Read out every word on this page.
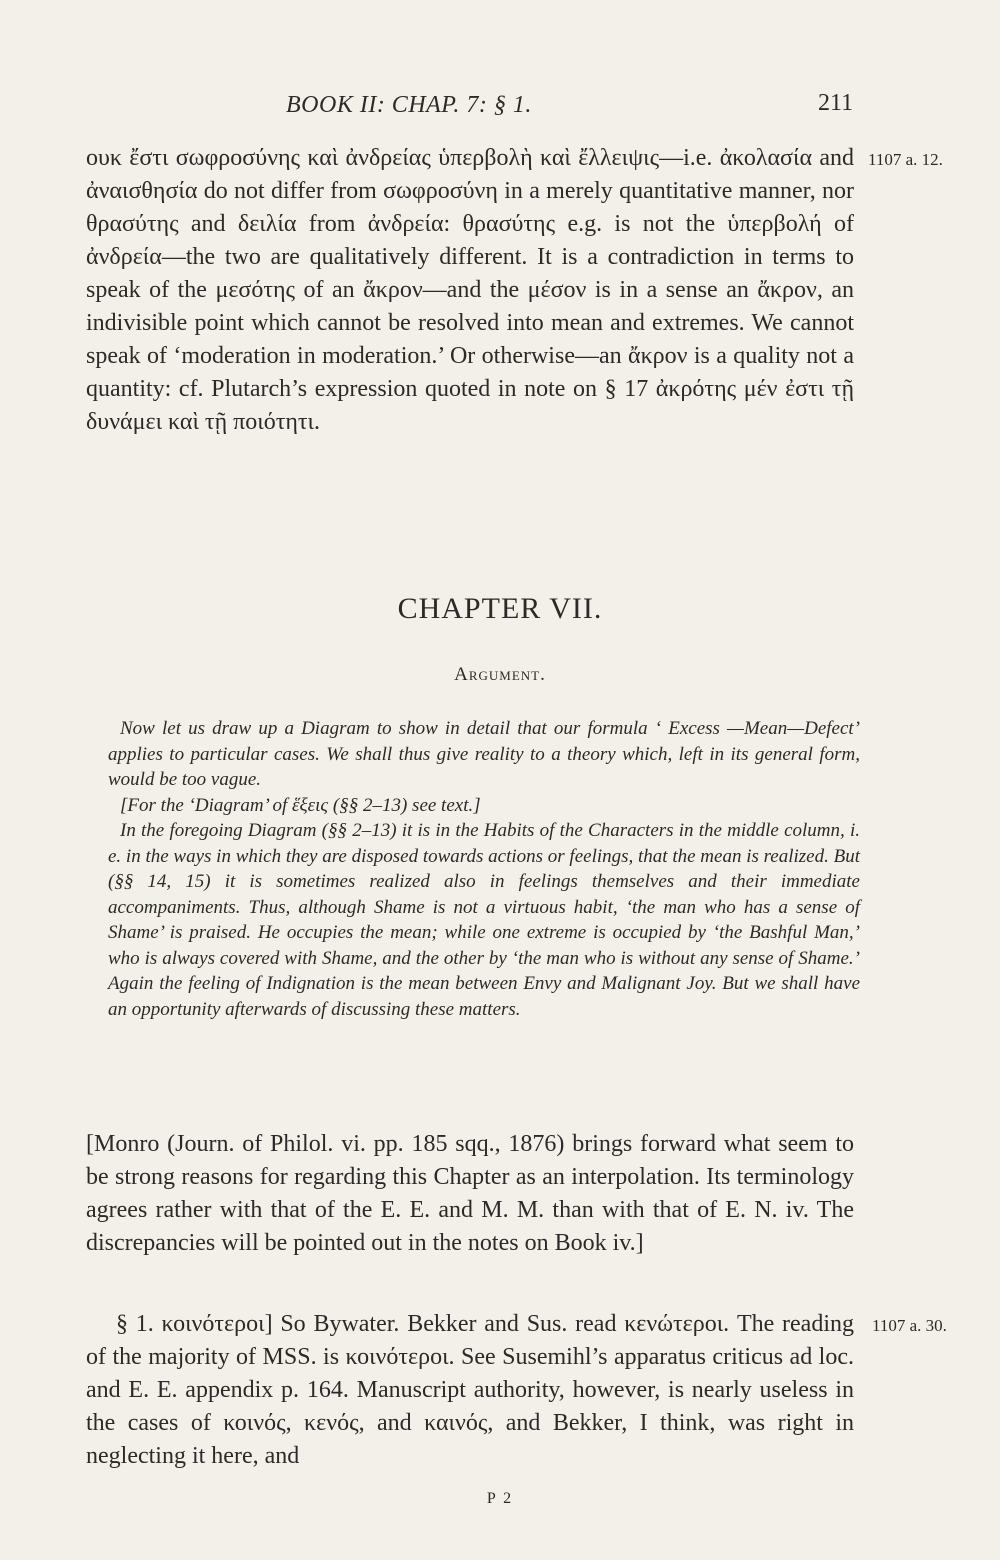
BOOK II: CHAP. 7: § 1.	211
1107 a. 12.

ουκ ἔστι σωφροσύνης καὶ ἀνδρείας ὑπερβολὴ καὶ ἔλλειψις—i.e. ἀκολασία and ἀναισθησία do not differ from σωφροσύνη in a merely quantitative manner, nor θρασύτης and δειλία from ἀνδρεία: θρασύτης e.g. is not the ὑπερβολή of ἀνδρεία—the two are qualitatively different. It is a contradiction in terms to speak of the μεσότης of an ἄκρον—and the μέσον is in a sense an ἄκρον, an indivisible point which cannot be resolved into mean and extremes. We cannot speak of ‘moderation in moderation.’ Or otherwise—an ἄκρον is a quality not a quantity: cf. Plutarch’s expression quoted in note on § 17 ἀκρότης μέν ἐστι τῇ δυνάμει καὶ τῇ ποιότητι.

CHAPTER VII.
Argument.

Now let us draw up a Diagram to show in detail that our formula ‘ Excess —Mean—Defect’ applies to particular cases. We shall thus give reality to a theory which, left in its general form, would be too vague.

[For the ‘Diagram’ of ἕξεις (§§ 2–13) see text.]

In the foregoing Diagram (§§ 2–13) it is in the Habits of the Characters in the middle column, i. e. in the ways in which they are disposed towards actions or feelings, that the mean is realized. But (§§ 14, 15) it is sometimes realized also in feelings themselves and their immediate accompaniments. Thus, although Shame is not a virtuous habit, ‘the man who has a sense of Shame’ is praised. He occupies the mean; while one extreme is occupied by ‘the Bashful Man,’ who is always covered with Shame, and the other by ‘the man who is without any sense of Shame.’ Again the feeling of Indignation is the mean between Envy and Malignant Joy. But we shall have an opportunity afterwards of discussing these matters.

[Monro (Journ. of Philol. vi. pp. 185 sqq., 1876) brings forward what seem to be strong reasons for regarding this Chapter as an interpolation. Its terminology agrees rather with that of the E. E. and M. M. than with that of E. N. iv. The discrepancies will be pointed out in the notes on Book iv.]

1107 a. 30.

§ 1. κοινότεροι] So Bywater. Bekker and Sus. read κενώτεροι. The reading of the majority of MSS. is κοινότεροι. See Susemihl’s apparatus criticus ad loc. and E. E. appendix p. 164. Manuscript authority, however, is nearly useless in the cases of κοινός, κενός, and καινός, and Bekker, I think, was right in neglecting it here, and

P 2
